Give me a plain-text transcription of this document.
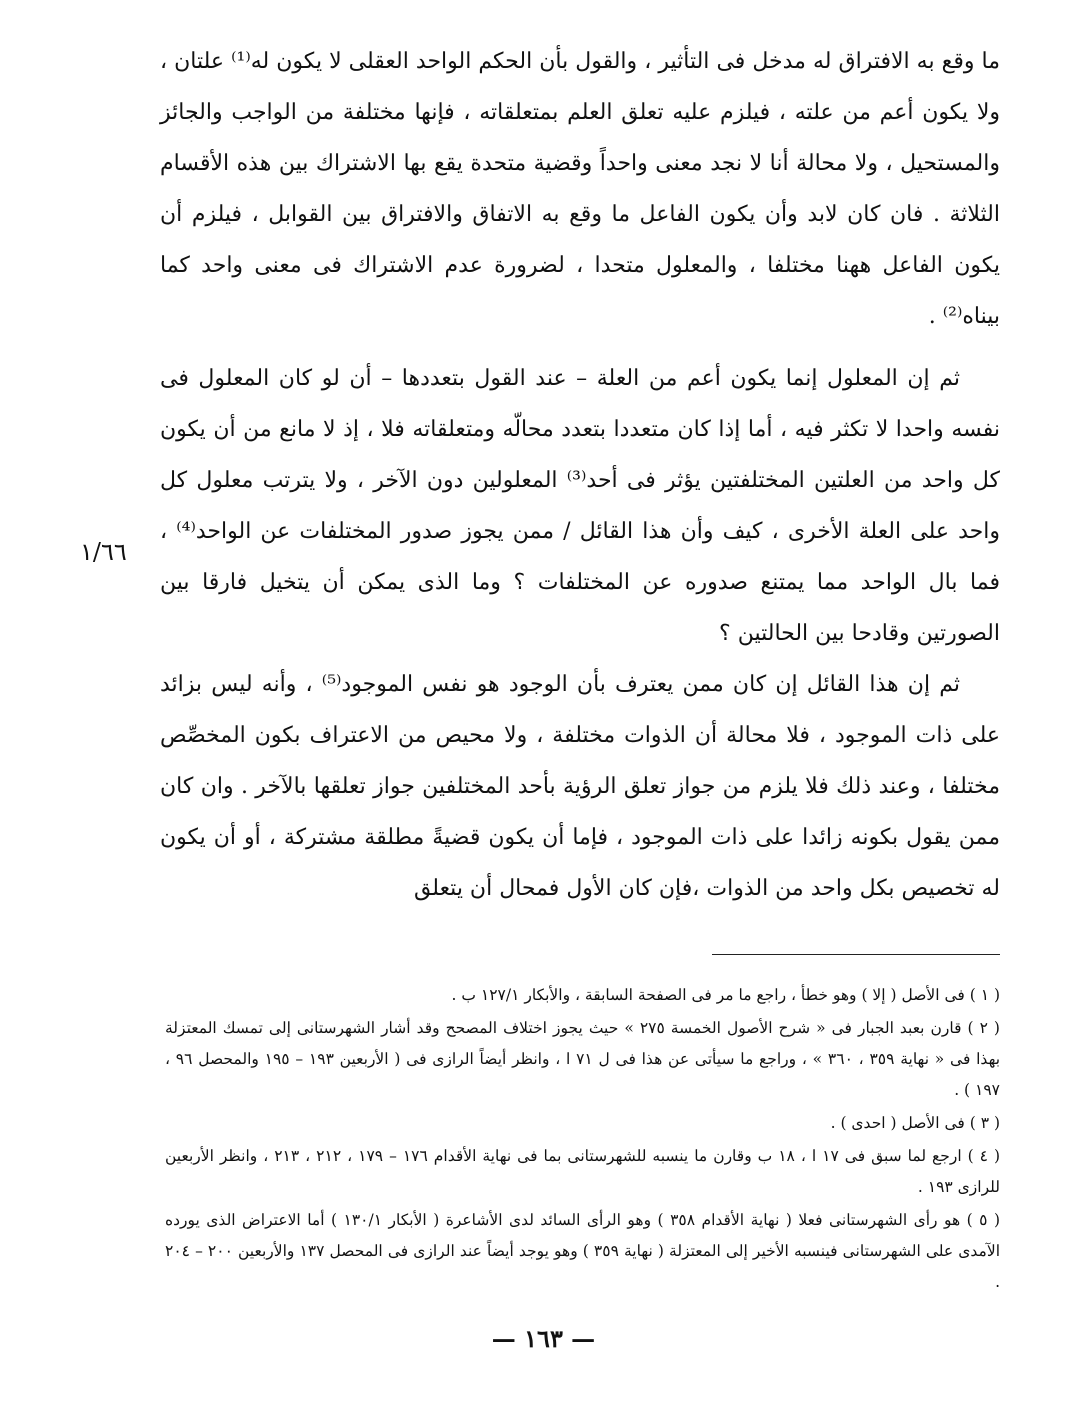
ما وقع به الافتراق له مدخل فى التأثير ، والقول بأن الحكم الواحد العقلى لا يكون له⁽¹⁾ علتان ، ولا يكون أعم من علته ، فيلزم عليه تعلق العلم بمتعلقاته ، فإنها مختلفة من الواجب والجائز والمستحيل ، ولا محالة أنا لا نجد معنى واحداً وقضية متحدة يقع بها الاشتراك بين هذه الأقسام الثلاثة . فان كان لابد وأن يكون الفاعل ما وقع به الاتفاق والافتراق بين القوابل ، فيلزم أن يكون الفاعل ههنا مختلفا ، والمعلول متحدا ، لضرورة عدم الاشتراك فى معنى واحد كما بيناه⁽²⁾ .

ثم إن المعلول إنما يكون أعم من العلة – عند القول بتعددها – أن لو كان المعلول فى نفسه واحدا لا تكثر فيه ، أما إذا كان متعددا بتعدد محالّه ومتعلقاته فلا ، إذ لا مانع من أن يكون كل واحد من العلتين المختلفتين يؤثر فى أحد⁽³⁾ المعلولين دون الآخر ، ولا يترتب معلول كل واحد على العلة الأخرى ، كيف وأن هذا القائل / ممن يجوز صدور المختلفات عن الواحد⁽⁴⁾ ، فما بال الواحد مما يمتنع صدوره عن المختلفات ؟ وما الذى يمكن أن يتخيل فارقا بين الصورتين وقادحا بين الحالتين ؟

ثم إن هذا القائل إن كان ممن يعترف بأن الوجود هو نفس الموجود⁽⁵⁾ ، وأنه ليس بزائد على ذات الموجود ، فلا محالة أن الذوات مختلفة ، ولا محيص من الاعتراف بكون المخصِّص مختلفا ، وعند ذلك فلا يلزم من جواز تعلق الرؤية بأحد المختلفين جواز تعلقها بالآخر . وان كان ممن يقول بكونه زائدا على ذات الموجود ، فإما أن يكون قضيةً مطلقة مشتركة ، أو أن يكون له تخصيص بكل واحد من الذوات ،فإن كان الأول فمحال أن يتعلق

١/٦٦

( ١ ) فى الأصل ( إلا ) وهو خطأ ، راجع ما مر فى الصفحة السابقة ، والأبكار ١٢٧/١ ب .

( ٢ ) قارن بعبد الجبار فى « شرح الأصول الخمسة ٢٧٥ » حيث يجوز اختلاف المصحح وقد أشار الشهرستانى إلى تمسك المعتزلة بهذا فى « نهاية ٣٥٩ ، ٣٦٠ » ، وراجع ما سيأتى عن هذا فى ل ٧١ ا ، وانظر أيضاً الرازى فى ( الأربعين ١٩٣ – ١٩٥ والمحصل ٩٦ ، ١٩٧ ) .

( ٣ ) فى الأصل ( احدى ) .

( ٤ ) ارجع لما سبق فى ١٧ ا ، ١٨ ب وقارن ما ينسبه للشهرستانى بما فى نهاية الأقدام ١٧٦ – ١٧٩ ، ٢١٢ ، ٢١٣ ، وانظر الأربعين للرازى ١٩٣ .

( ٥ ) هو رأى الشهرستانى فعلا ( نهاية الأقدام ٣٥٨ ) وهو الرأى السائد لدى الأشاعرة ( الأبكار ١٣٠/١ ) أما الاعتراض الذى يورده الآمدى على الشهرستانى فينسبه الأخير إلى المعتزلة ( نهاية ٣٥٩ ) وهو يوجد أيضاً عند الرازى فى المحصل ١٣٧ والأربعين ٢٠٠ – ٢٠٤ .

— ١٦٣ —
